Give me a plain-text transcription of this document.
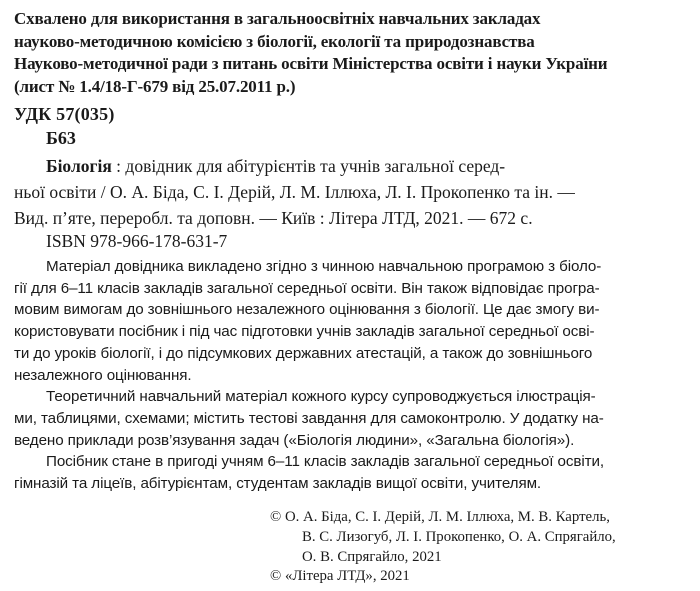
Схвалено для використання в загальноосвітніх навчальних закладах
науково-методичною комісією з біології, екології та природознавства
Науково-методичної ради з питань освіти Міністерства освіти і науки України
(лист № 1.4/18-Г-679 від 25.07.2011 р.)
УДК 57(035)
Б63
Біологія : довідник для абітурієнтів та учнів загальної серед-
ньої освіти / О. А. Біда, С. І. Дерій, Л. М. Іллюха, Л. І. Прокопенко та ін. —
Вид. п’яте, переробл. та доповн. — Київ : Літера ЛТД, 2021. — 672 с.
ISBN 978-966-178-631-7
Матеріал довідника викладено згідно з чинною навчальною програмою з біоло-
гії для 6–11 класів закладів загальної середньої освіти. Він також відповідає програ-
мовим вимогам до зовнішнього незалежного оцінювання з біології. Це дає змогу ви-
користовувати посібник і під час підготовки учнів закладів загальної середньої осві-
ти до уроків біології, і до підсумкових державних атестацій, а також до зовнішнього
незалежного оцінювання.
Теоретичний навчальний матеріал кожного курсу супроводжується ілюстрація-
ми, таблицями, схемами; містить тестові завдання для самоконтролю. У додатку на-
ведено приклади розв’язування задач («Біологія людини», «Загальна біологія»).
Посібник стане в пригоді учням 6–11 класів закладів загальної середньої освіти,
гімназій та ліцеїв, абітурієнтам, студентам закладів вищої освіти, учителям.
© О. А. Біда, С. І. Дерій, Л. М. Іллюха, М. В. Картель,
В. С. Лизогуб, Л. І. Прокопенко, О. А. Спрягайло,
О. В. Спрягайло, 2021
© «Літера ЛТД», 2021
